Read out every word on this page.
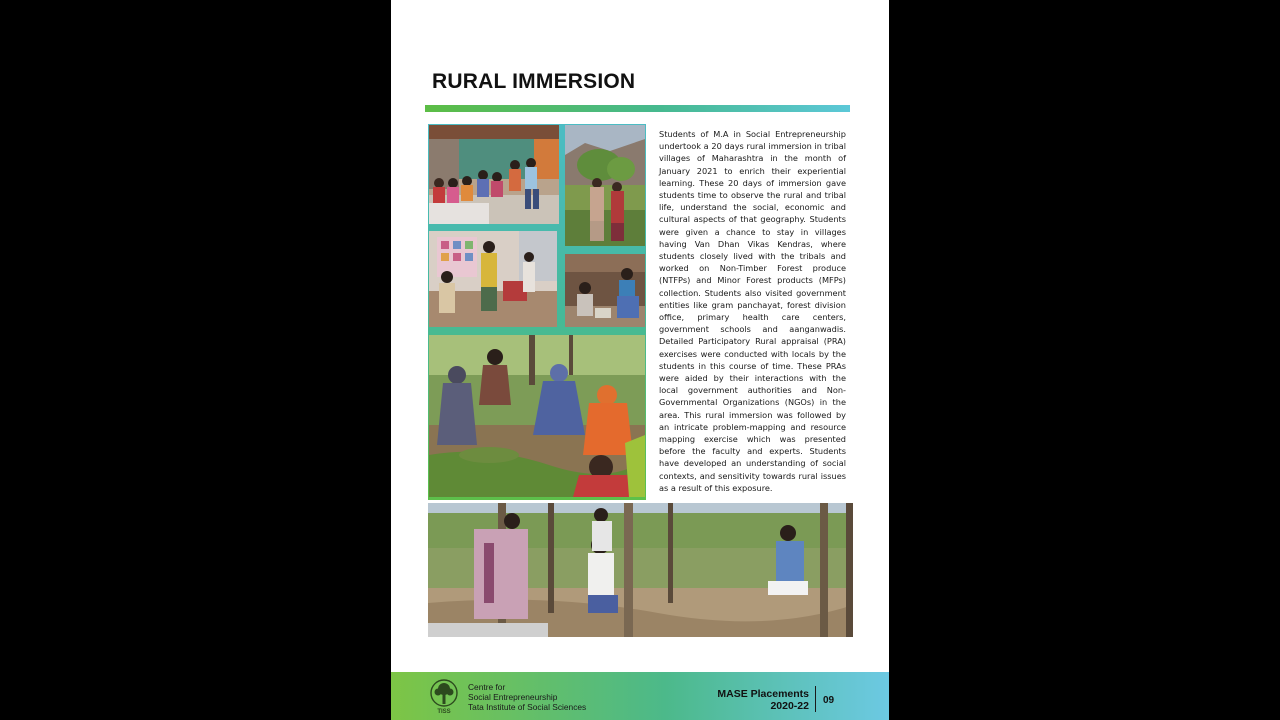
RURAL IMMERSION

Students of M.A in Social Entrepreneurship undertook a 20 days rural immersion in tribal villages of Maharashtra in the month of January 2021 to enrich their experiential learning. These 20 days of immersion gave students time to observe the rural and tribal life, understand the social, economic and cultural aspects of that geography. Students were given a chance to stay in villages having Van Dhan Vikas Kendras, where students closely lived with the tribals and worked on Non-Timber Forest produce (NTFPs) and Minor Forest products (MFPs) collection. Students also visited government entities like gram panchayat, forest division office, primary health care centers, government schools and aanganwadis. Detailed Participatory Rural appraisal (PRA) exercises were conducted with locals by the students in this course of time. These PRAs were aided by their interactions with the local government authorities and Non-Governmental Organizations (NGOs) in the area. This rural immersion was followed by an intricate problem-mapping and resource mapping exercise which was presented before the faculty and experts. Students have developed an understanding of social contexts, and sensitivity towards rural issues as a result of this exposure.

TISS
Centre for
Social Entrepreneurship
Tata Institute of Social Sciences
MASE Placements
2020-22 09
